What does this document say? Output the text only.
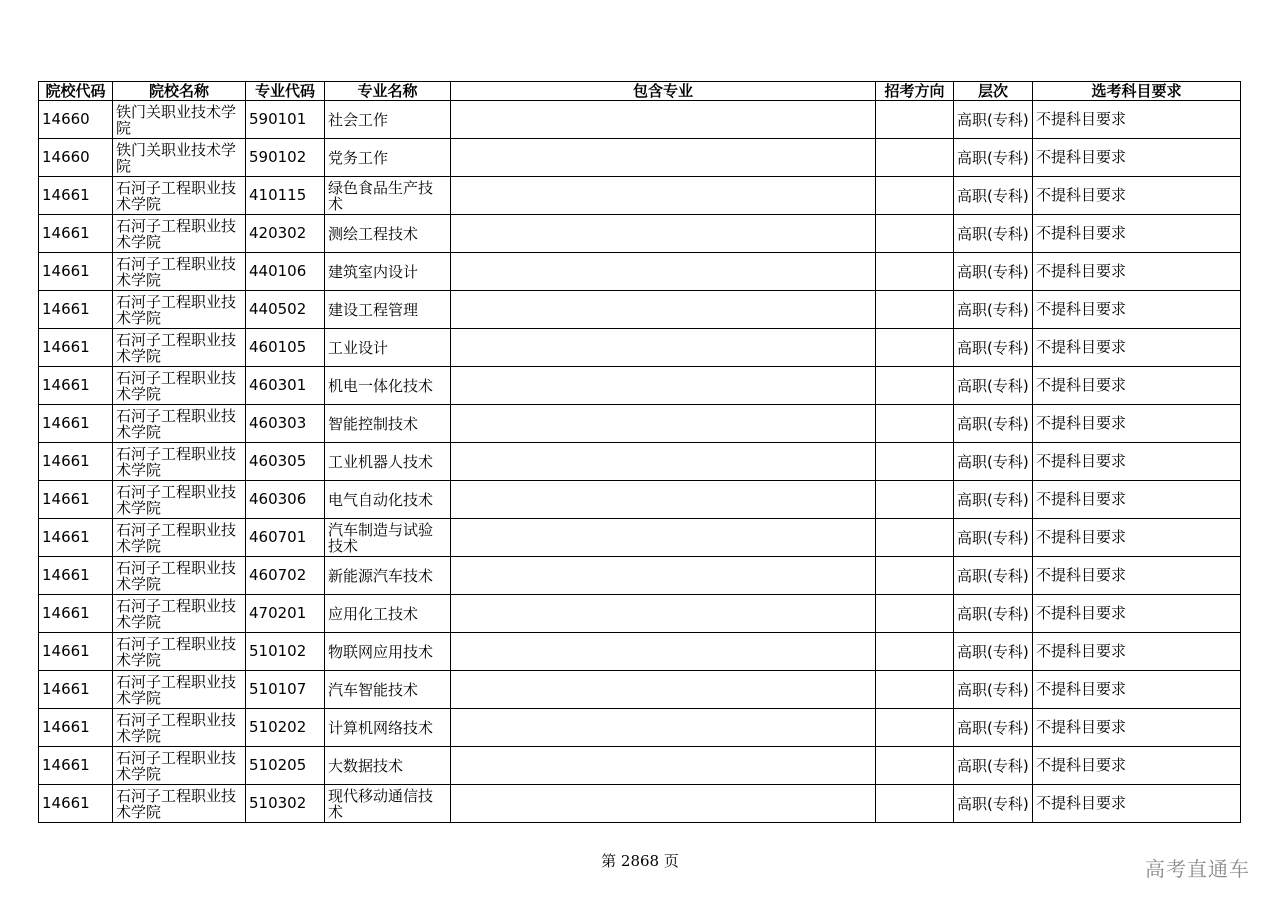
院校代码	院校名称	专业代码	专业名称	包含专业	招考方向	层次	选考科目要求
14660	铁门关职业技术学院	590101	社会工作			高职(专科)	不提科目要求
14660	铁门关职业技术学院	590102	党务工作			高职(专科)	不提科目要求
14661	石河子工程职业技术学院	410115	绿色食品生产技术			高职(专科)	不提科目要求
14661	石河子工程职业技术学院	420302	测绘工程技术			高职(专科)	不提科目要求
14661	石河子工程职业技术学院	440106	建筑室内设计			高职(专科)	不提科目要求
14661	石河子工程职业技术学院	440502	建设工程管理			高职(专科)	不提科目要求
14661	石河子工程职业技术学院	460105	工业设计			高职(专科)	不提科目要求
14661	石河子工程职业技术学院	460301	机电一体化技术			高职(专科)	不提科目要求
14661	石河子工程职业技术学院	460303	智能控制技术			高职(专科)	不提科目要求
14661	石河子工程职业技术学院	460305	工业机器人技术			高职(专科)	不提科目要求
14661	石河子工程职业技术学院	460306	电气自动化技术			高职(专科)	不提科目要求
14661	石河子工程职业技术学院	460701	汽车制造与试验技术			高职(专科)	不提科目要求
14661	石河子工程职业技术学院	460702	新能源汽车技术			高职(专科)	不提科目要求
14661	石河子工程职业技术学院	470201	应用化工技术			高职(专科)	不提科目要求
14661	石河子工程职业技术学院	510102	物联网应用技术			高职(专科)	不提科目要求
14661	石河子工程职业技术学院	510107	汽车智能技术			高职(专科)	不提科目要求
14661	石河子工程职业技术学院	510202	计算机网络技术			高职(专科)	不提科目要求
14661	石河子工程职业技术学院	510205	大数据技术			高职(专科)	不提科目要求
14661	石河子工程职业技术学院	510302	现代移动通信技术			高职(专科)	不提科目要求
第 2868 页	高考直通车
